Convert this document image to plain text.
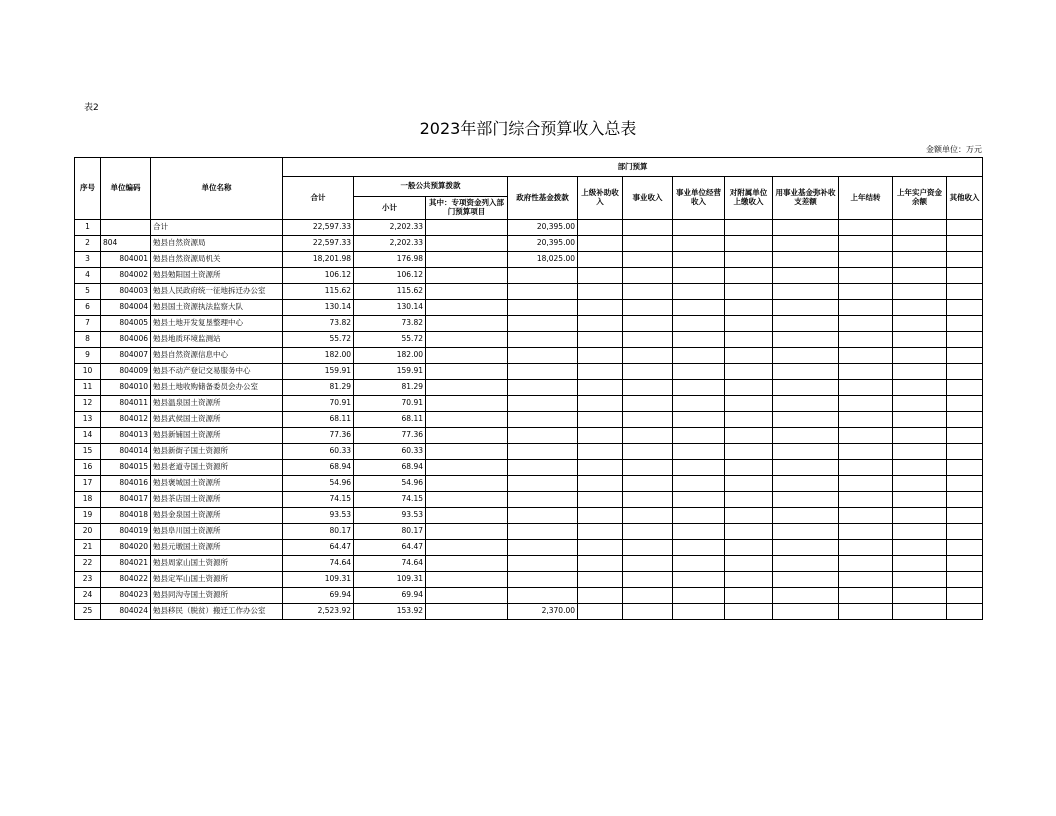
表2
2023年部门综合预算收入总表
金额单位：万元
序号	单位编码	单位名称	部门预算											
			合计	一般公共预算拨款		政府性基金拨款	上级补助收入	事业收入	事业单位经营收入	对附属单位上缴收入	用事业基金弥补收支差额	上年结转	上年实户资金余额	其他收入
				小计	其中：专项资金列入部门预算项目									
1		合计	22,597.33	2,202.33		20,395.00								
2	804	勉县自然资源局	22,597.33	2,202.33		20,395.00								
3	804001	勉县自然资源局机关	18,201.98	176.98		18,025.00								
4	804002	勉县勉阳国土资源所	106.12	106.12										
5	804003	勉县人民政府统一征地拆迁办公室	115.62	115.62										
6	804004	勉县国土资源执法监察大队	130.14	130.14										
7	804005	勉县土地开发复垦整理中心	73.82	73.82										
8	804006	勉县地质环境监测站	55.72	55.72										
9	804007	勉县自然资源信息中心	182.00	182.00										
10	804009	勉县不动产登记交易服务中心	159.91	159.91										
11	804010	勉县土地收购储备委员会办公室	81.29	81.29										
12	804011	勉县温泉国土资源所	70.91	70.91										
13	804012	勉县武侯国土资源所	68.11	68.11										
14	804013	勉县新铺国土资源所	77.36	77.36										
15	804014	勉县新街子国土资源所	60.33	60.33										
16	804015	勉县老道寺国土资源所	68.94	68.94										
17	804016	勉县褒城国土资源所	54.96	54.96										
18	804017	勉县茶店国土资源所	74.15	74.15										
19	804018	勉县金泉国土资源所	93.53	93.53										
20	804019	勉县阜川国土资源所	80.17	80.17										
21	804020	勉县元墩国土资源所	64.47	64.47										
22	804021	勉县周家山国土资源所	74.64	74.64										
23	804022	勉县定军山国土资源所	109.31	109.31										
24	804023	勉县同沟寺国土资源所	69.94	69.94										
25	804024	勉县移民（脱贫）搬迁工作办公室	2,523.92	153.92		2,370.00								
